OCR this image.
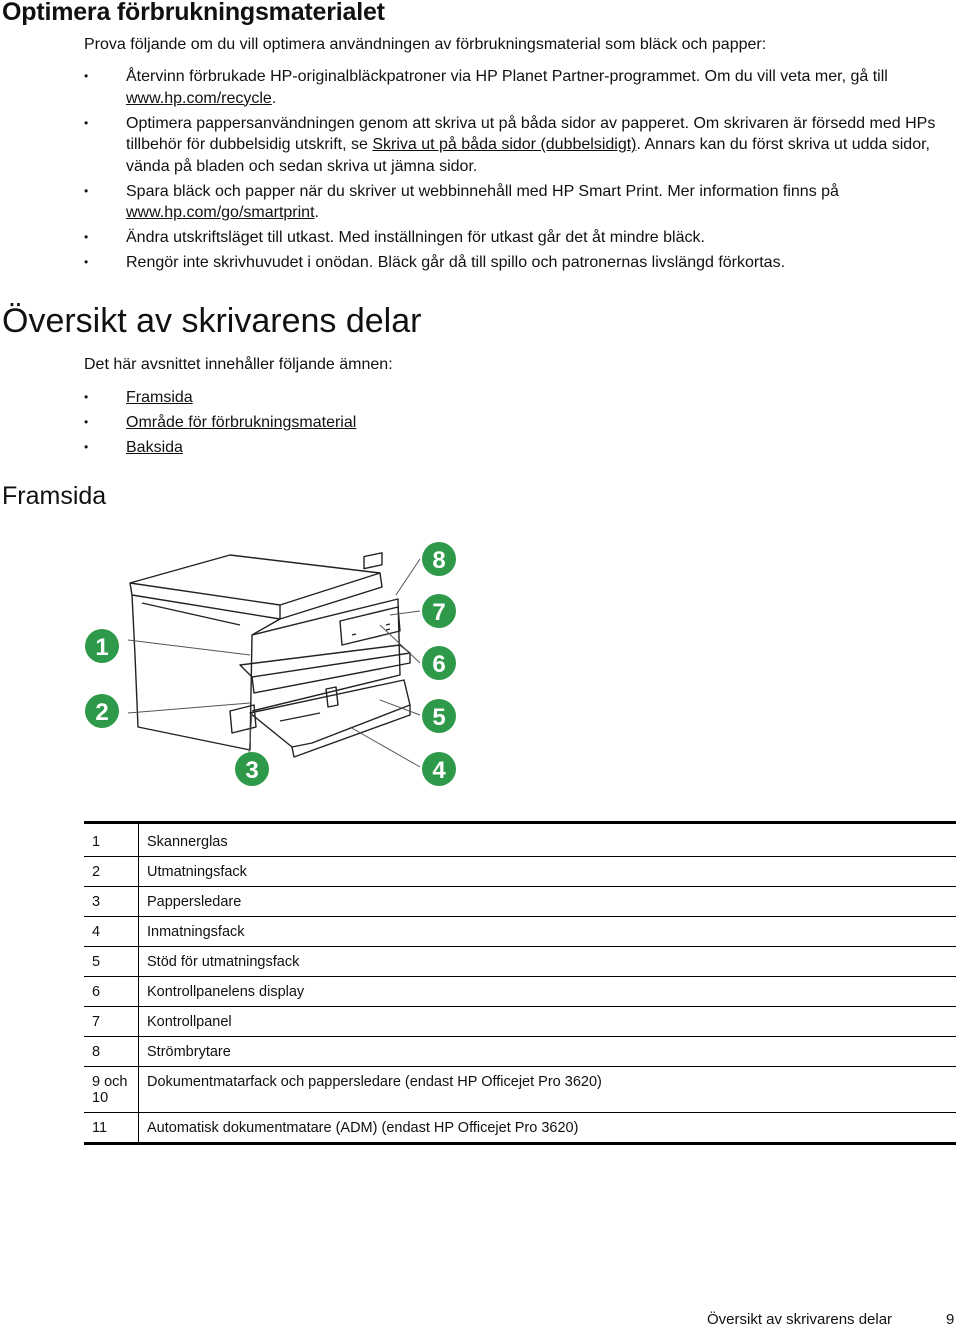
Optimera förbrukningsmaterialet

Prova följande om du vill optimera användningen av förbrukningsmaterial som bläck och papper:

• Återvinn förbrukade HP-originalbläckpatroner via HP Planet Partner-programmet. Om du vill veta mer, gå till www.hp.com/recycle.
• Optimera pappersanvändningen genom att skriva ut på båda sidor av papperet. Om skrivaren är försedd med HPs tillbehör för dubbelsidig utskrift, se Skriva ut på båda sidor (dubbelsidigt). Annars kan du först skriva ut udda sidor, vända på bladen och sedan skriva ut jämna sidor.
• Spara bläck och papper när du skriver ut webbinnehåll med HP Smart Print. Mer information finns på www.hp.com/go/smartprint.
• Ändra utskriftsläget till utkast. Med inställningen för utkast går det åt mindre bläck.
• Rengör inte skrivhuvudet i onödan. Bläck går då till spillo och patronernas livslängd förkortas.
Översikt av skrivarens delar

Det här avsnittet innehåller följande ämnen:

• Framsida
• Område för förbrukningsmaterial
• Baksida
Framsida
1
2
3	4
5
6
7
8
1	Skannerglas
2	Utmatningsfack
3	Pappersledare
4	Inmatningsfack
5	Stöd för utmatningsfack
6	Kontrollpanelens display
7	Kontrollpanel
8	Strömbrytare
9 och 10	Dokumentmatarfack och pappersledare (endast HP Officejet Pro 3620)
11	Automatisk dokumentmatare (ADM) (endast HP Officejet Pro 3620)
Översikt av skrivarens delar	9
